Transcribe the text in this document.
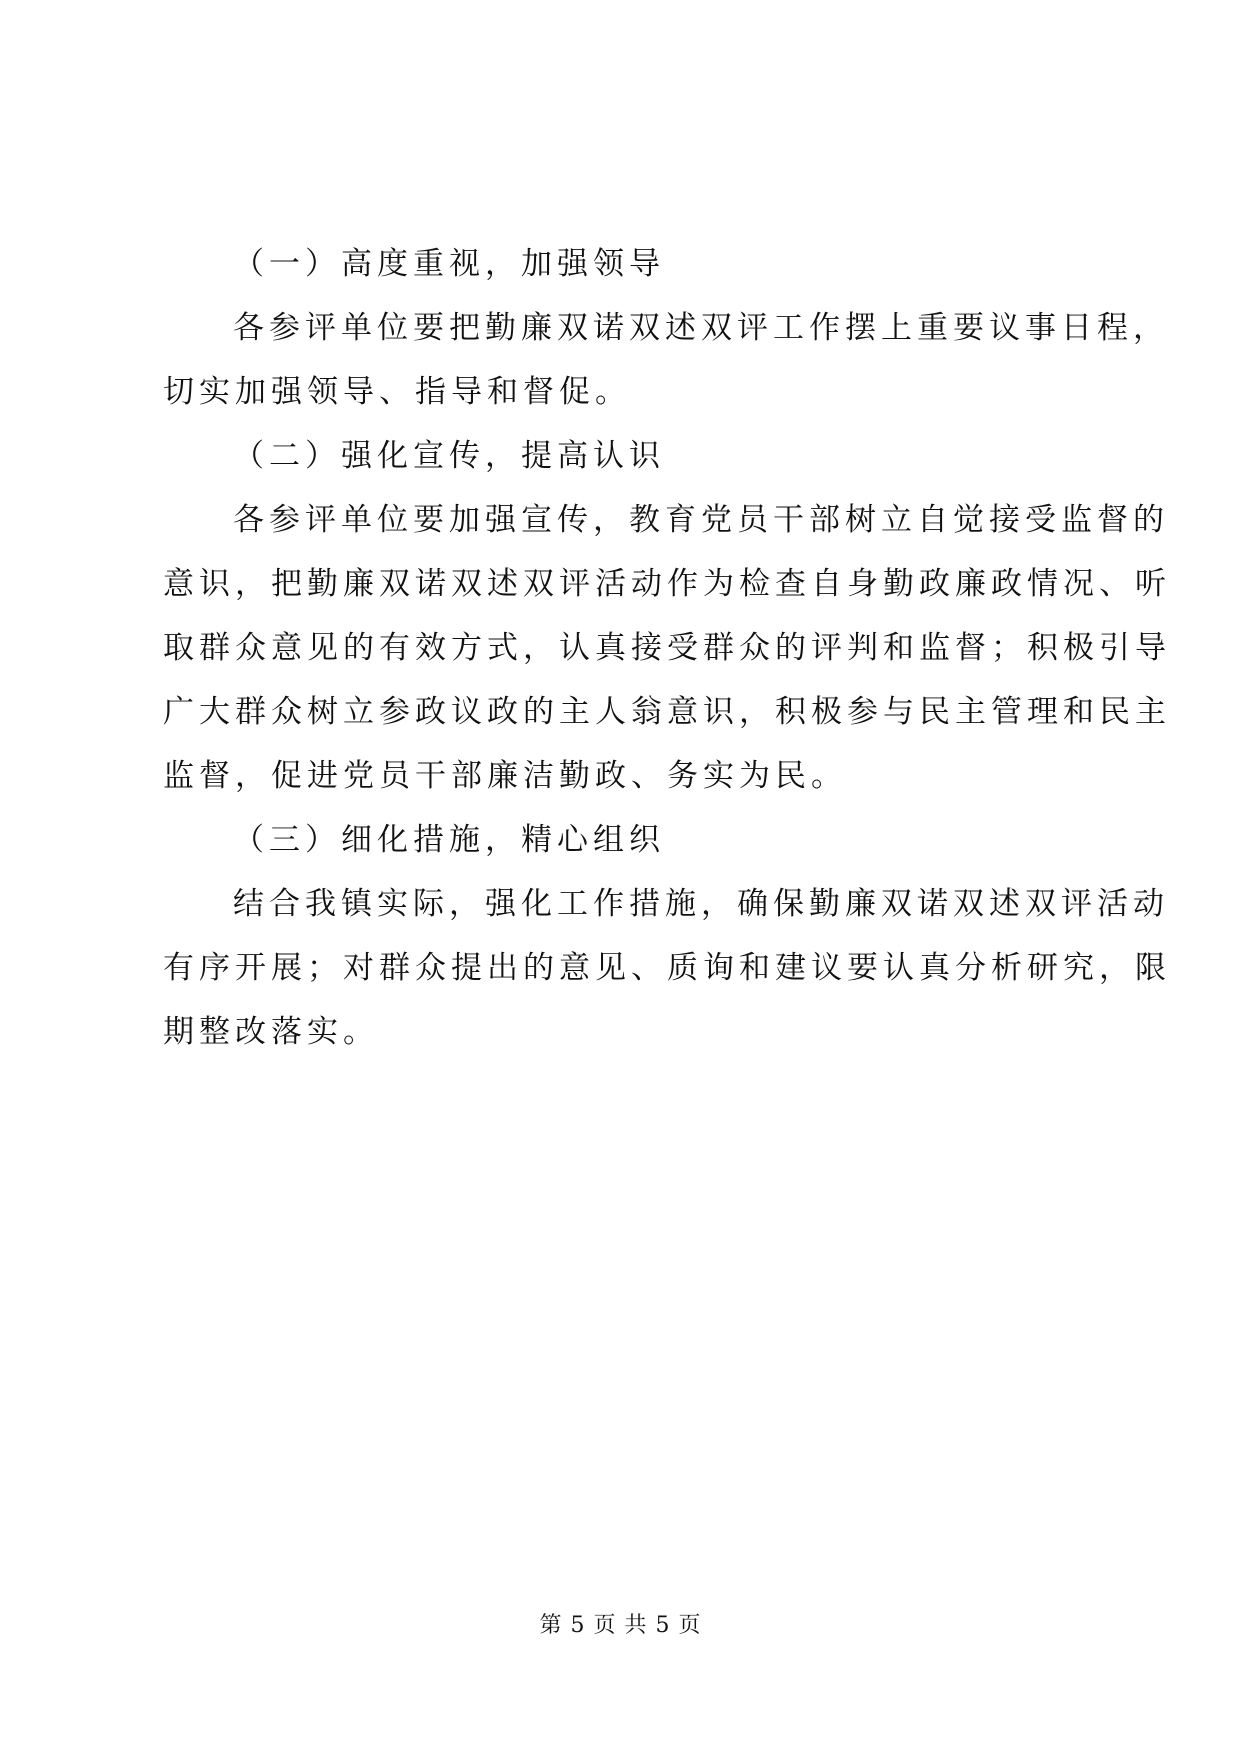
（一）高度重视，加强领导
各参评单位要把勤廉双诺双述双评工作摆上重要议事日程，
切实加强领导、指导和督促。
（二）强化宣传，提高认识
各参评单位要加强宣传，教育党员干部树立自觉接受监督的
意识，把勤廉双诺双述双评活动作为检查自身勤政廉政情况、听
取群众意见的有效方式，认真接受群众的评判和监督；积极引导
广大群众树立参政议政的主人翁意识，积极参与民主管理和民主
监督，促进党员干部廉洁勤政、务实为民。
（三）细化措施，精心组织
结合我镇实际，强化工作措施，确保勤廉双诺双述双评活动
有序开展；对群众提出的意见、质询和建议要认真分析研究，限
期整改落实。
第 5 页 共 5 页
